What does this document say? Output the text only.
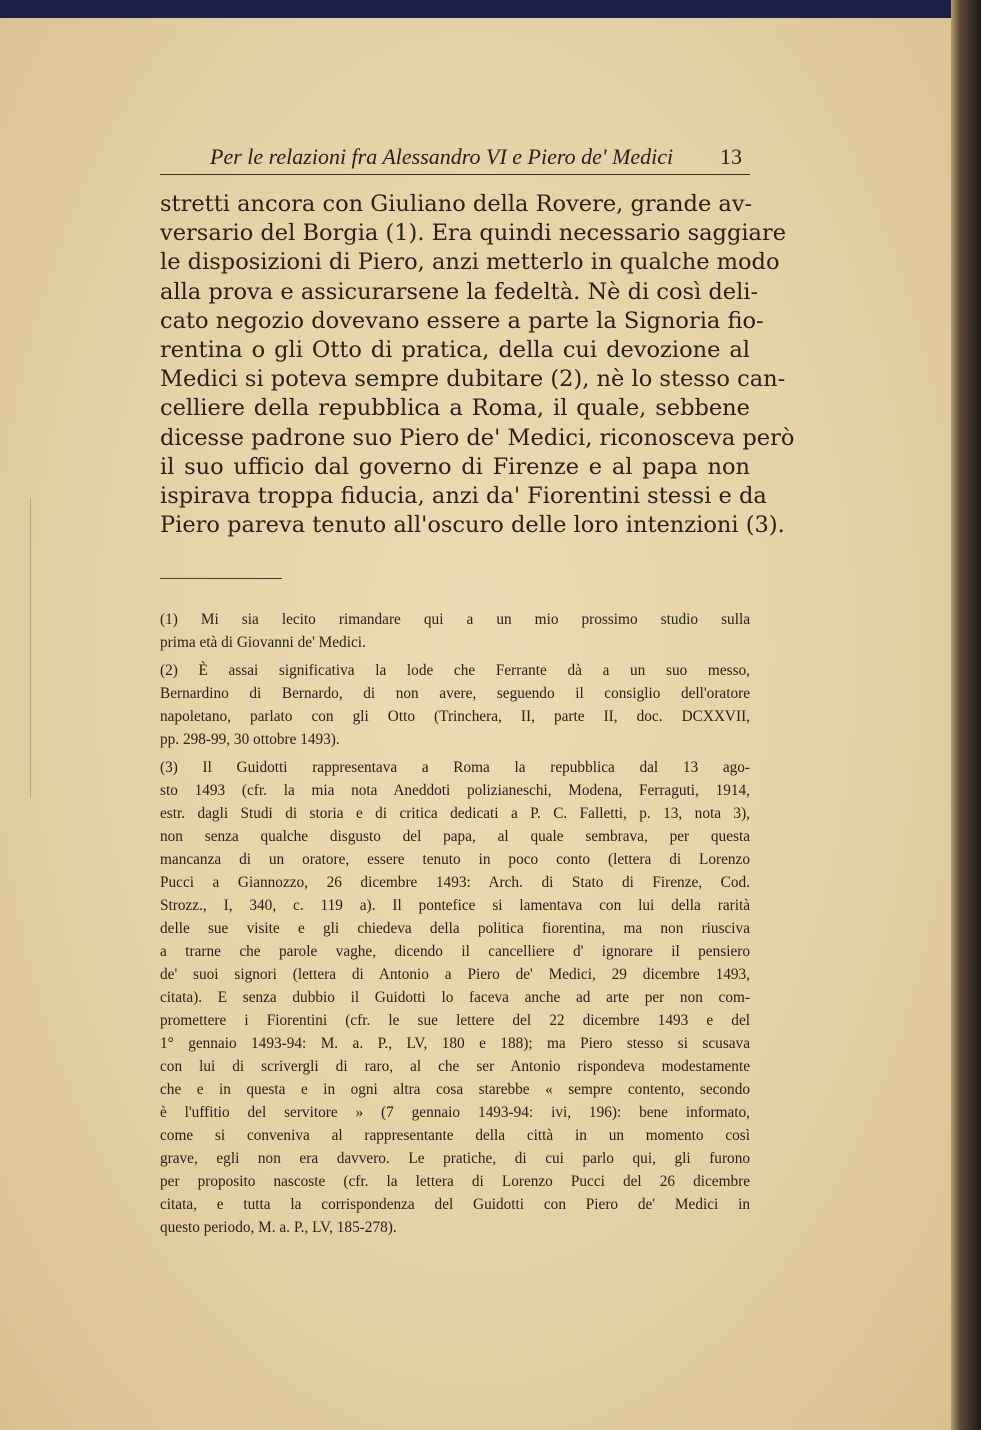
Per le relazioni fra Alessandro VI e Piero de' Medici 13
stretti ancora con Giuliano della Rovere, grande av-
versario del Borgia (1). Era quindi necessario saggiare
le disposizioni di Piero, anzi metterlo in qualche modo
alla prova e assicurarsene la fedeltà. Nè di così deli-
cato negozio dovevano essere a parte la Signoria fio-
rentina o gli Otto di pratica, della cui devozione al
Medici si poteva sempre dubitare (2), nè lo stesso can-
celliere della repubblica a Roma, il quale, sebbene
dicesse padrone suo Piero de' Medici, riconosceva però
il suo ufficio dal governo di Firenze e al papa non
ispirava troppa fiducia, anzi da' Fiorentini stessi e da
Piero pareva tenuto all'oscuro delle loro intenzioni (3).
(1) Mi sia lecito rimandare qui a un mio prossimo studio sulla
prima età di Giovanni de' Medici.
(2) È assai significativa la lode che Ferrante dà a un suo messo,
Bernardino di Bernardo, di non avere, seguendo il consiglio dell'oratore
napoletano, parlato con gli Otto (Trinchera, II, parte II, doc. DCXXVII,
pp. 298-99, 30 ottobre 1493).
(3) Il Guidotti rappresentava a Roma la repubblica dal 13 ago-
sto 1493 (cfr. la mia nota Aneddoti polizianeschi, Modena, Ferraguti, 1914,
estr. dagli Studi di storia e di critica dedicati a P. C. Falletti, p. 13, nota 3),
non senza qualche disgusto del papa, al quale sembrava, per questa
mancanza di un oratore, essere tenuto in poco conto (lettera di Lorenzo
Pucci a Giannozzo, 26 dicembre 1493: Arch. di Stato di Firenze, Cod.
Strozz., I, 340, c. 119 a). Il pontefice si lamentava con lui della rarità
delle sue visite e gli chiedeva della politica fiorentina, ma non riusciva
a trarne che parole vaghe, dicendo il cancelliere d' ignorare il pensiero
de' suoi signori (lettera di Antonio a Piero de' Medici, 29 dicembre 1493,
citata). E senza dubbio il Guidotti lo faceva anche ad arte per non com-
promettere i Fiorentini (cfr. le sue lettere del 22 dicembre 1493 e del
1° gennaio 1493-94: M. a. P., LV, 180 e 188); ma Piero stesso si scusava
con lui di scrivergli di raro, al che ser Antonio rispondeva modestamente
che e in questa e in ogni altra cosa starebbe « sempre contento, secondo
è l'uffitio del servitore » (7 gennaio 1493-94: ivi, 196): bene informato,
come si conveniva al rappresentante della città in un momento così
grave, egli non era davvero. Le pratiche, di cui parlo qui, gli furono
per proposito nascoste (cfr. la lettera di Lorenzo Pucci del 26 dicembre
citata, e tutta la corrispondenza del Guidotti con Piero de' Medici in
questo periodo, M. a. P., LV, 185-278).
